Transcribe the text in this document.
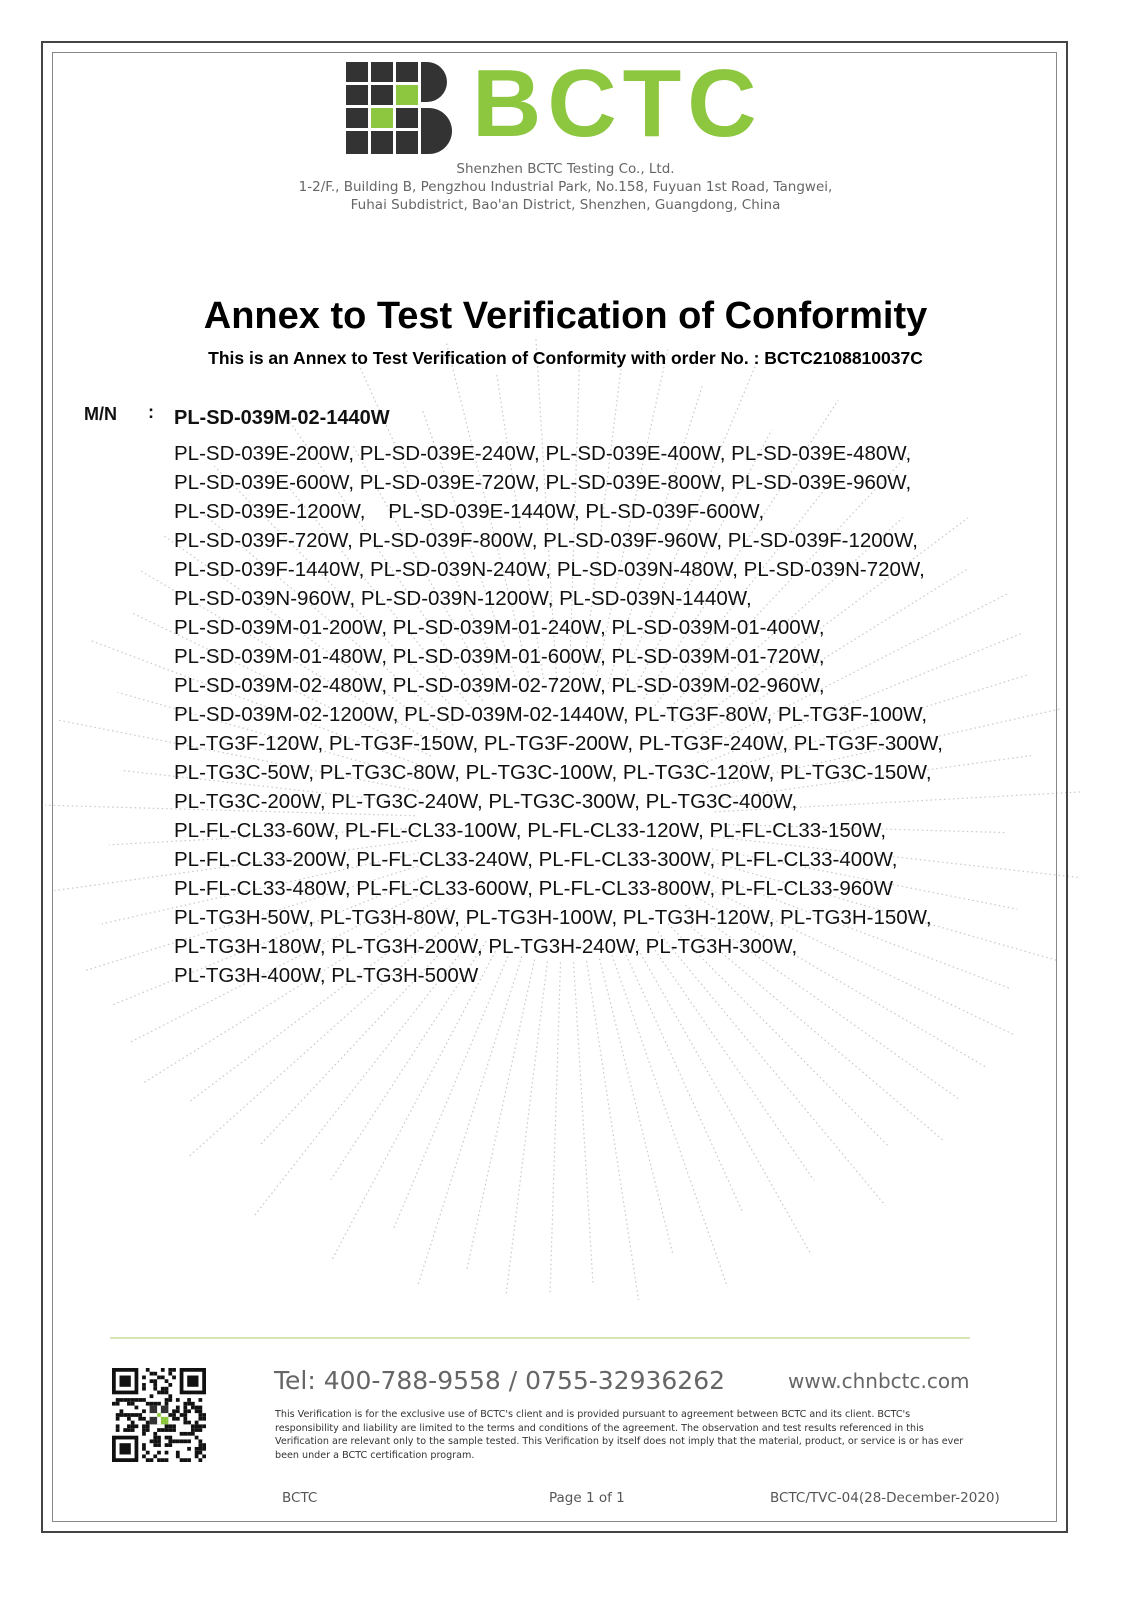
BCTC
Shenzhen BCTC Testing Co., Ltd.
1-2/F., Building B, Pengzhou Industrial Park, No.158, Fuyuan 1st Road, Tangwei,
Fuhai Subdistrict, Bao'an District, Shenzhen, Guangdong, China
Annex to Test Verification of Conformity
This is an Annex to Test Verification of Conformity with order No. : BCTC2108810037C
M/N : PL-SD-039M-02-1440W
PL-SD-039E-200W, PL-SD-039E-240W, PL-SD-039E-400W, PL-SD-039E-480W,
PL-SD-039E-600W, PL-SD-039E-720W, PL-SD-039E-800W, PL-SD-039E-960W,
PL-SD-039E-1200W,    PL-SD-039E-1440W, PL-SD-039F-600W,
PL-SD-039F-720W, PL-SD-039F-800W, PL-SD-039F-960W, PL-SD-039F-1200W,
PL-SD-039F-1440W, PL-SD-039N-240W, PL-SD-039N-480W, PL-SD-039N-720W,
PL-SD-039N-960W, PL-SD-039N-1200W, PL-SD-039N-1440W,
PL-SD-039M-01-200W, PL-SD-039M-01-240W, PL-SD-039M-01-400W,
PL-SD-039M-01-480W, PL-SD-039M-01-600W, PL-SD-039M-01-720W,
PL-SD-039M-02-480W, PL-SD-039M-02-720W, PL-SD-039M-02-960W,
PL-SD-039M-02-1200W, PL-SD-039M-02-1440W, PL-TG3F-80W, PL-TG3F-100W,
PL-TG3F-120W, PL-TG3F-150W, PL-TG3F-200W, PL-TG3F-240W, PL-TG3F-300W,
PL-TG3C-50W, PL-TG3C-80W, PL-TG3C-100W, PL-TG3C-120W, PL-TG3C-150W,
PL-TG3C-200W, PL-TG3C-240W, PL-TG3C-300W, PL-TG3C-400W,
PL-FL-CL33-60W, PL-FL-CL33-100W, PL-FL-CL33-120W, PL-FL-CL33-150W,
PL-FL-CL33-200W, PL-FL-CL33-240W, PL-FL-CL33-300W, PL-FL-CL33-400W,
PL-FL-CL33-480W, PL-FL-CL33-600W, PL-FL-CL33-800W, PL-FL-CL33-960W
PL-TG3H-50W, PL-TG3H-80W, PL-TG3H-100W, PL-TG3H-120W, PL-TG3H-150W,
PL-TG3H-180W, PL-TG3H-200W, PL-TG3H-240W, PL-TG3H-300W,
PL-TG3H-400W, PL-TG3H-500W
Tel: 400-788-9558 / 0755-32936262	www.chnbctc.com
This Verification is for the exclusive use of BCTC's client and is provided pursuant to agreement between BCTC and its client. BCTC's responsibility and liability are limited to the terms and conditions of the agreement. The observation and test results referenced in this Verification are relevant only to the sample tested. This Verification by itself does not imply that the material, product, or service is or has ever been under a BCTC certification program.
BCTC	Page 1 of 1	BCTC/TVC-04(28-December-2020)
